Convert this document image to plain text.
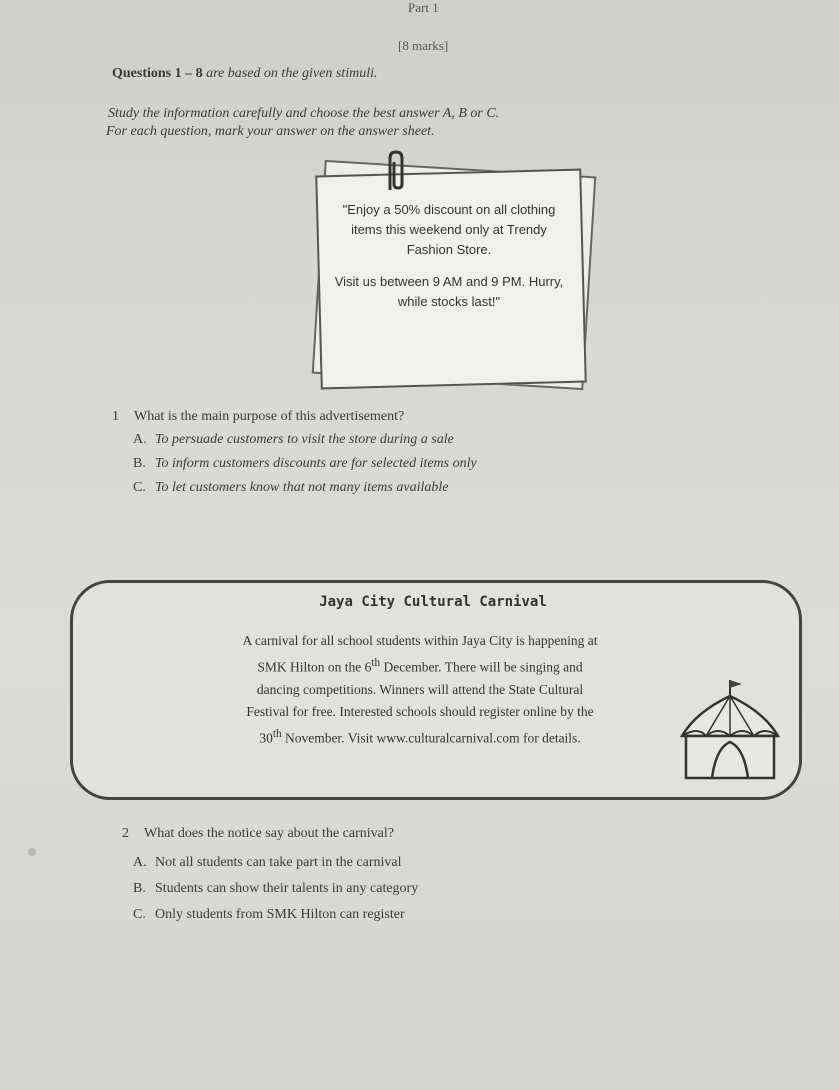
Part 1
[8 marks]
Questions 1 – 8 are based on the given stimuli.
Study the information carefully and choose the best answer A, B or C.
For each question, mark your answer on the answer sheet.

"Enjoy a 50% discount on all clothing items this weekend only at Trendy Fashion Store.

Visit us between 9 AM and 9 PM. Hurry, while stocks last!"

1 What is the main purpose of this advertisement?
A. To persuade customers to visit the store during a sale
B. To inform customers discounts are for selected items only
C. To let customers know that not many items available
Jaya City Cultural Carnival
A carnival for all school students within Jaya City is happening at
SMK Hilton on the 6th December. There will be singing and
dancing competitions. Winners will attend the State Cultural
Festival for free. Interested schools should register online by the
30th November. Visit www.culturalcarnival.com for details.
2 What does the notice say about the carnival?
A. Not all students can take part in the carnival
B. Students can show their talents in any category
C. Only students from SMK Hilton can register
